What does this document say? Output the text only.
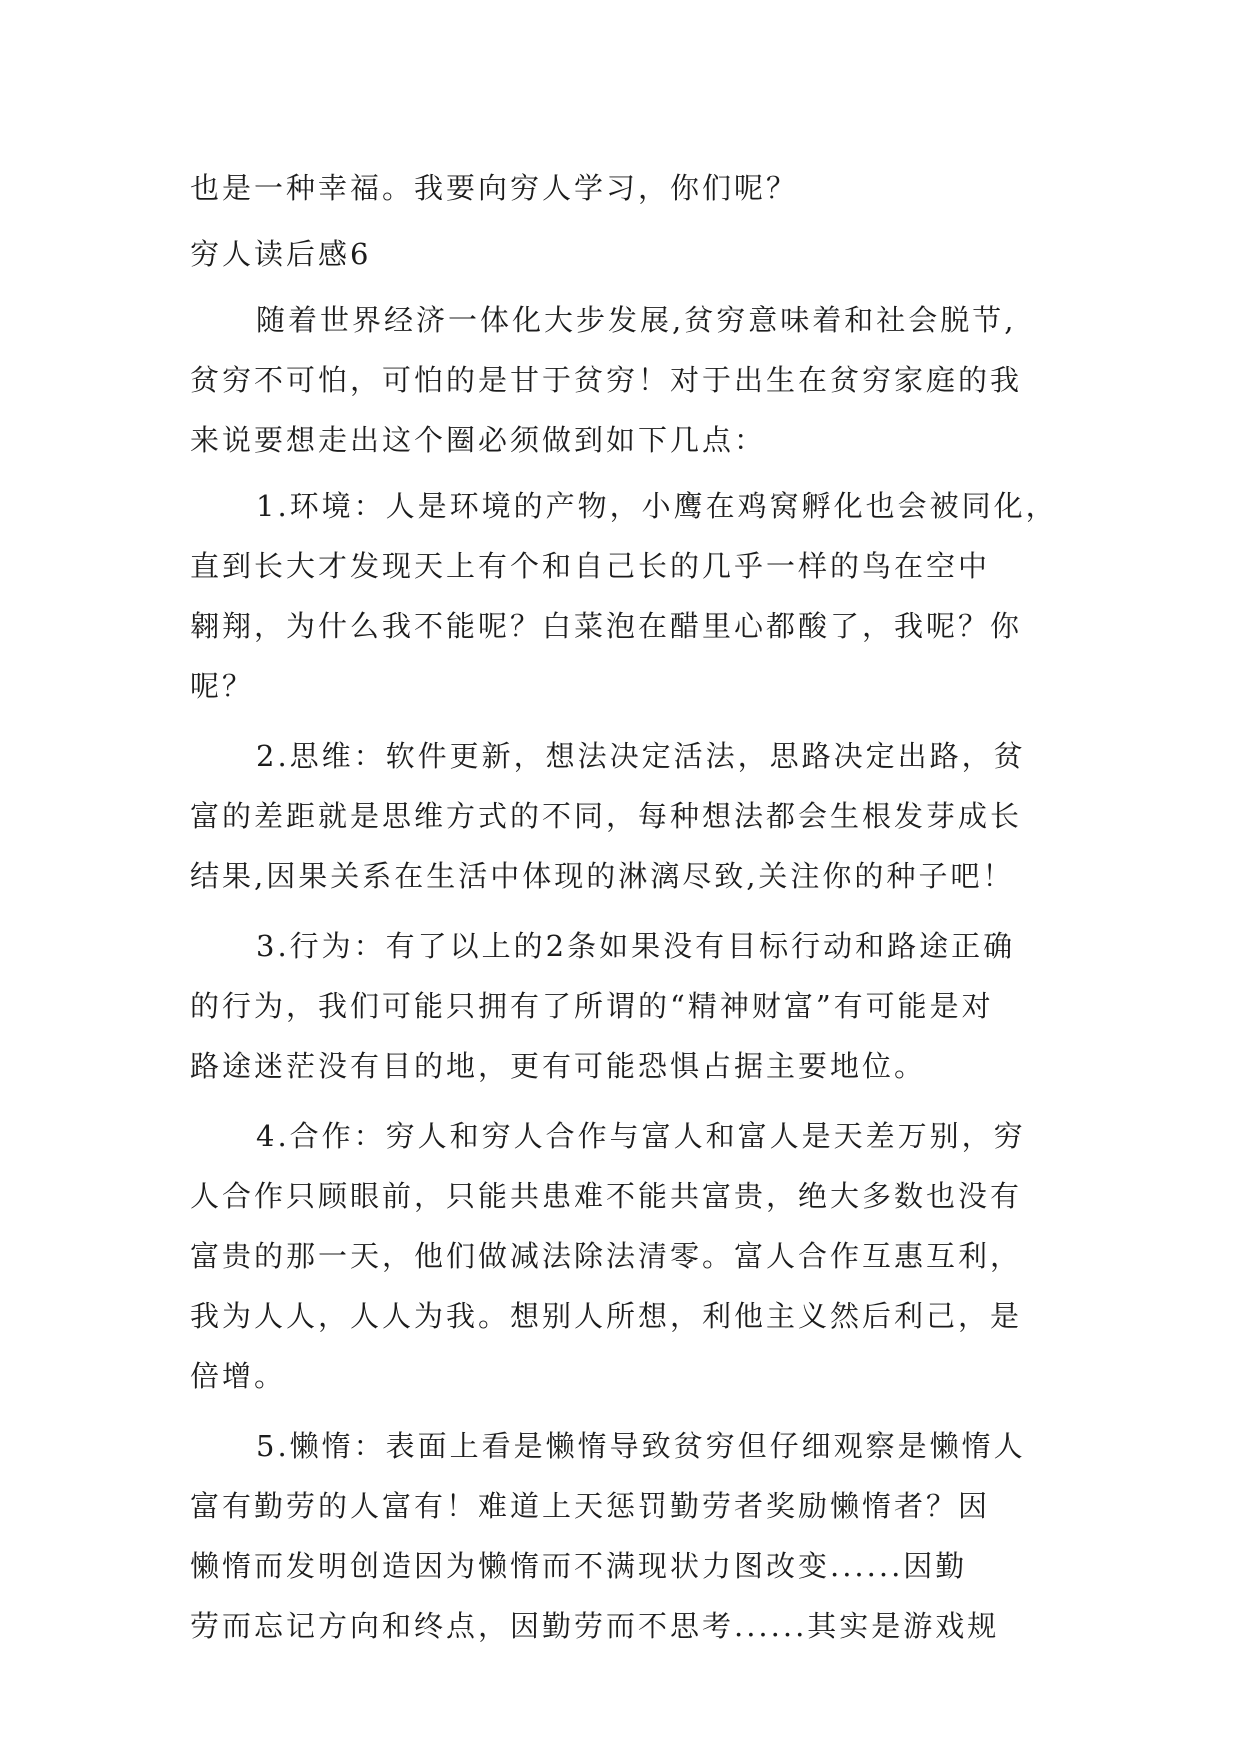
也是一种幸福。我要向穷人学习，你们呢？
穷人读后感6
随着世界经济一体化大步发展,贫穷意味着和社会脱节,
贫穷不可怕，可怕的是甘于贫穷！对于出生在贫穷家庭的我
来说要想走出这个圈必须做到如下几点：
1.环境：人是环境的产物，小鹰在鸡窝孵化也会被同化，
直到长大才发现天上有个和自己长的几乎一样的鸟在空中
翱翔，为什么我不能呢？白菜泡在醋里心都酸了，我呢？你
呢？
2.思维：软件更新，想法决定活法，思路决定出路，贫
富的差距就是思维方式的不同，每种想法都会生根发芽成长
结果,因果关系在生活中体现的淋漓尽致,关注你的种子吧！
3.行为：有了以上的2条如果没有目标行动和路途正确
的行为，我们可能只拥有了所谓的“精神财富”有可能是对
路途迷茫没有目的地，更有可能恐惧占据主要地位。
4.合作：穷人和穷人合作与富人和富人是天差万别，穷
人合作只顾眼前，只能共患难不能共富贵，绝大多数也没有
富贵的那一天，他们做减法除法清零。富人合作互惠互利，
我为人人，人人为我。想别人所想，利他主义然后利己，是
倍增。
5.懒惰：表面上看是懒惰导致贫穷但仔细观察是懒惰人
富有勤劳的人富有！难道上天惩罚勤劳者奖励懒惰者？因
懒惰而发明创造因为懒惰而不满现状力图改变......因勤
劳而忘记方向和终点，因勤劳而不思考......其实是游戏规
